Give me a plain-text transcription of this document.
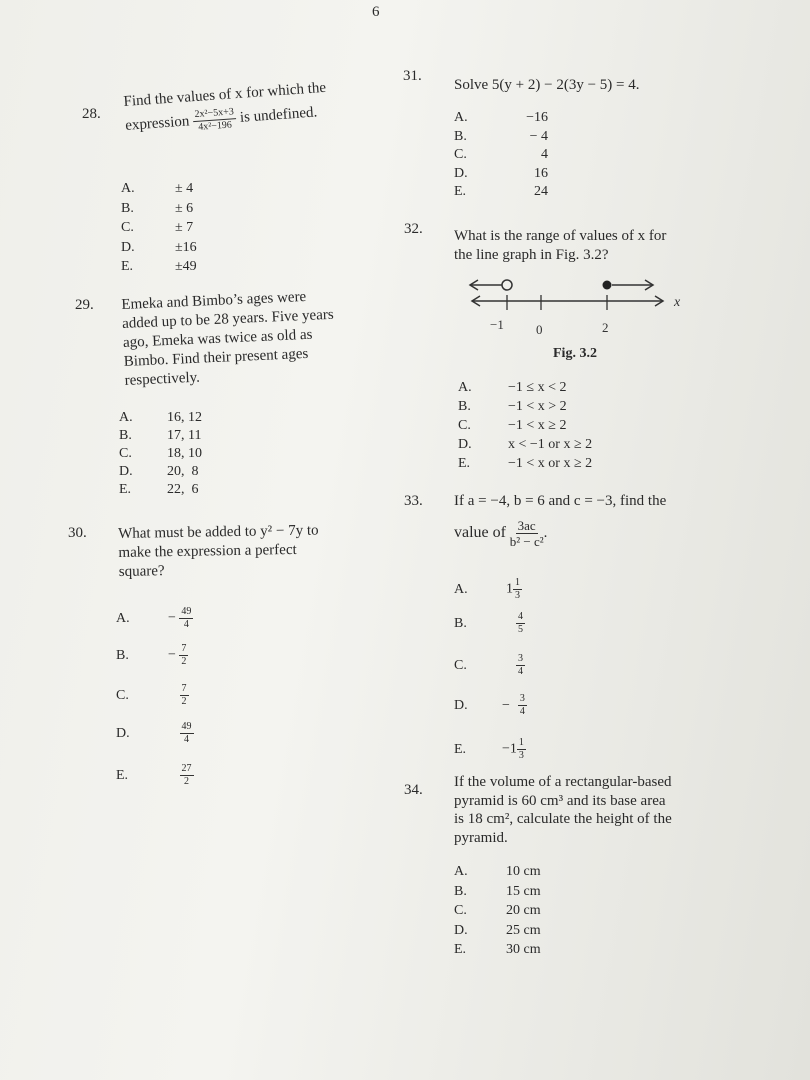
6
28.
Find the values of x for which the
expression $\frac{\text{2x²−5x+3}}{\text{4x²−196}}$ is undefined.
A.	± 4
B.	± 6
C.	± 7
D.	±16
E.	±49
29. Emeka and Bimbo’s ages were
added up to be 28 years. Five years
ago, Emeka was twice as old as
Bimbo. Find their present ages
respectively.
A.	16, 12
B.	17, 11
C.	18, 10
D.	20,  8
E.	22,  6
30. What must be added to y² − 7y to
make the expression a perfect
square?
A.	− $\frac{49}{4}$
B.	− $\frac{7}{2}$
C.	$\frac{7}{2}$
D.	$\frac{49}{4}$
E.	$\frac{27}{2}$
31.
Solve 5(y + 2) − 2(3y − 5) = 4.
A.	−16
B.	− 4
C.	4
D.	16
E.	24
32. What is the range of values of x for
the line graph in Fig. 3.2?
x
−1 0	2
Fig. 3.2
A.	−1 ≤ x < 2
B.	−1 < x > 2
C.	−1 < x ≥ 2
D.	x < −1 or x ≥ 2
E.	−1 < x or x ≥ 2
33. If a = −4, b = 6 and c = −3, find the
value of $\frac{3ac}{\text{b² − c²}}$ .
A.	$1 \frac{1}{3}$
B.	$\frac{4}{5}$
C.	$\frac{3}{4}$
D. − $\frac{3}{4}$
E.	$-1 \frac{1}{3}$
34. If the volume of a rectangular-based
pyramid is 60 cm³ and its base area
is 18 cm², calculate the height of the
pyramid.
A.	10 cm
B.	15 cm
C.	20 cm
D.	25 cm
E.	30 cm
